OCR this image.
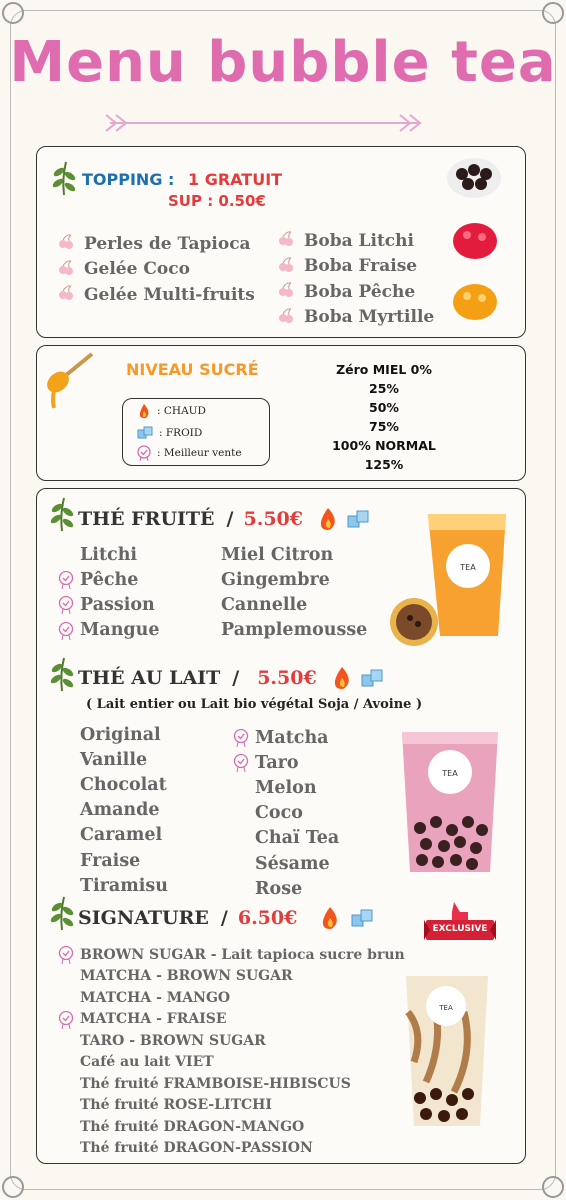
Menu bubble tea
TOPPING : 1 GRATUIT
SUP : 0.50€
Perles de Tapioca
Gelée Coco
Gelée Multi-fruits
Boba Litchi
Boba Fraise
Boba Pêche
Boba Myrtille
NIVEAU SUCRÉ
: CHAUD
: FROID
: Meilleur vente
Zéro MIEL 0%
25%
50%
75%
100% NORMAL
125%
THÉ FRUITÉ / 5.50€
Litchi
Pêche
Passion
Mangue
Miel Citron
Gingembre
Cannelle
Pamplemousse
TEA
THÉ AU LAIT / 5.50€
( Lait entier ou Lait bio végétal Soja / Avoine )
Original
Vanille
Chocolat
Amande
Caramel
Fraise
Tiramisu
Matcha
Taro
Melon
Coco
Chaï Tea
Sésame
Rose
TEA
SIGNATURE / 6.50€	EXCLUSIVE
BROWN SUGAR - Lait tapioca sucre brun
MATCHA - BROWN SUGAR
MATCHA - MANGO
MATCHA - FRAISE
TARO - BROWN SUGAR
Café au lait VIET
Thé fruité FRAMBOISE-HIBISCUS
Thé fruité ROSE-LITCHI
Thé fruité DRAGON-MANGO
Thé fruité DRAGON-PASSION
TEA
